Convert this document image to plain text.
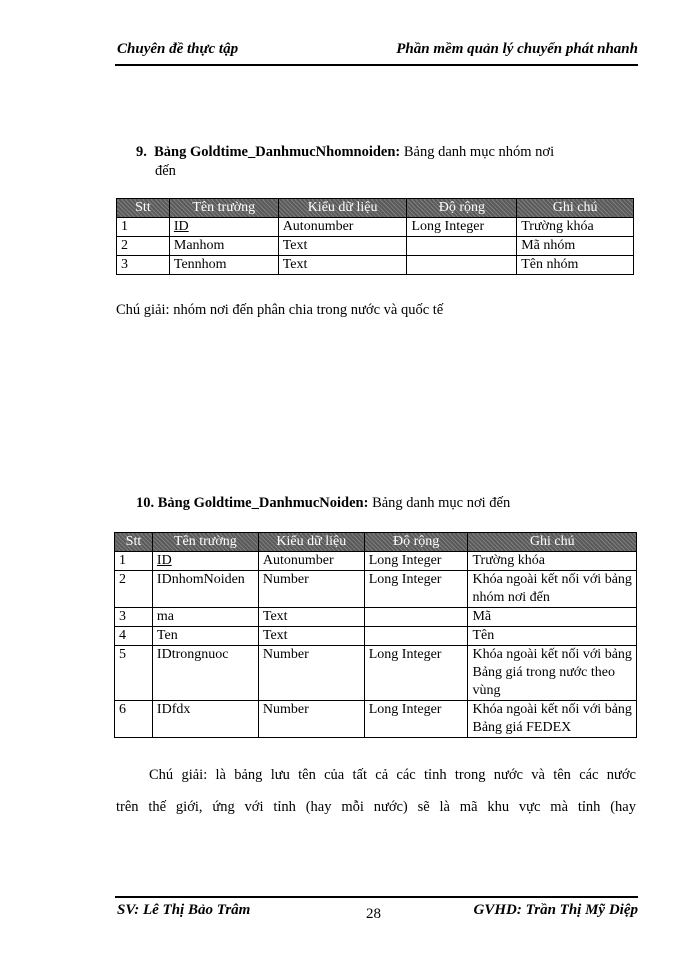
Chuyên đề thực tập	Phần mềm quản lý chuyển phát nhanh
9. Bảng Goldtime_DanhmucNhomnoiden: Bảng danh mục nhóm nơi
đến
Stt	Tên trường	Kiểu dữ liệu	Độ rộng	Ghi chú
1	ID	Autonumber	Long Integer	Trường khóa
2	Manhom	Text		Mã nhóm
3	Tennhom	Text		Tên nhóm
Chú giải: nhóm nơi đến phân chia trong nước và quốc tế
10. Bảng Goldtime_DanhmucNoiden: Bảng danh mục nơi đến
Stt	Tên trường	Kiểu dữ liệu	Độ rộng	Ghi chú
1	ID	Autonumber	Long Integer	Trường khóa
2	IDnhomNoiden	Number	Long Integer	Khóa ngoài kết nối với bảng nhóm nơi đến
3	ma	Text		Mã
4	Ten	Text		Tên
5	IDtrongnuoc	Number	Long Integer	Khóa ngoài kết nối với bảng Bảng giá trong nước theo vùng
6	IDfdx	Number	Long Integer	Khóa ngoài kết nối với bảng Bảng giá FEDEX
Chú giải: là bảng lưu tên của tất cả các tỉnh trong nước và tên các nước
trên thế giới, ứng với tỉnh (hay mỗi nước) sẽ là mã khu vực mà tỉnh (hay
SV: Lê Thị Bảo Trâm	28	GVHD: Trần Thị Mỹ Diệp
